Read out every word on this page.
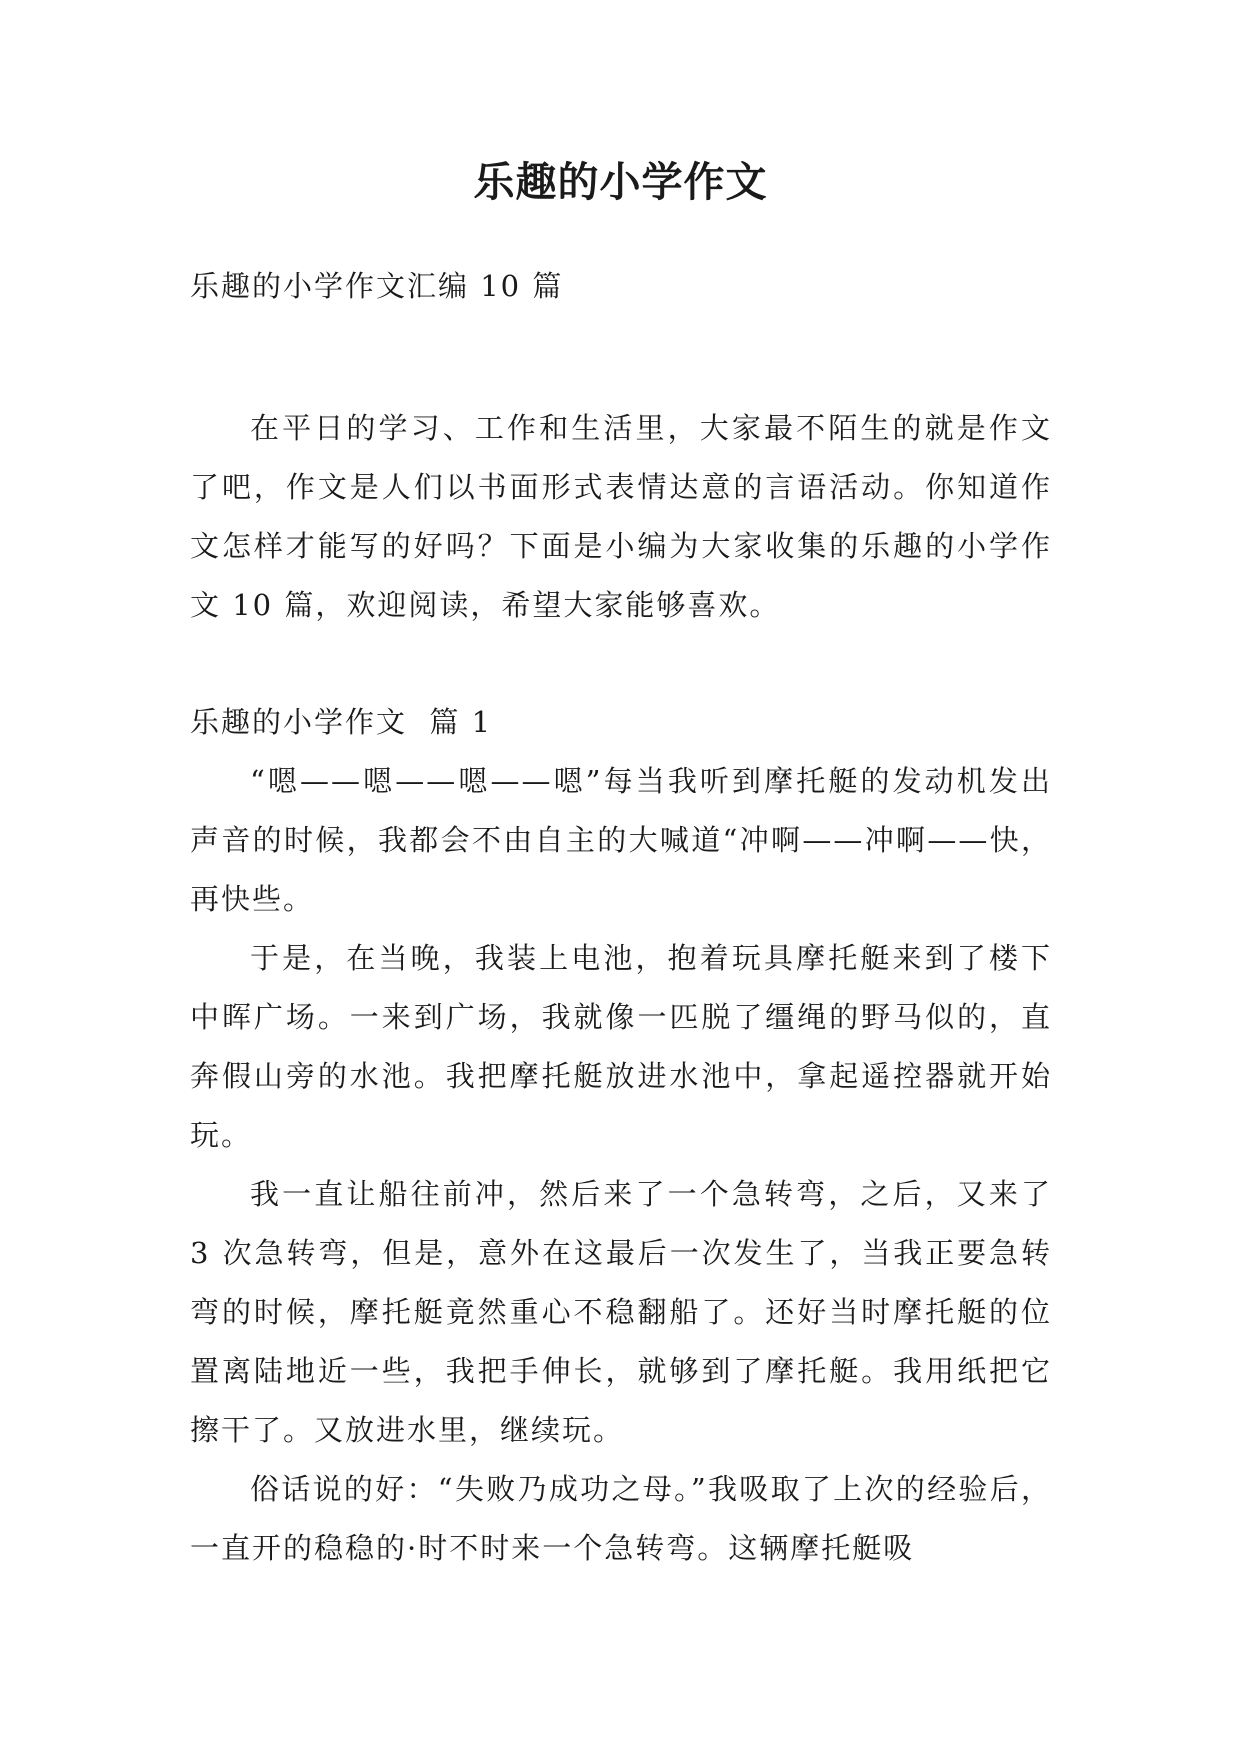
乐趣的小学作文

乐趣的小学作文汇编 10 篇

在平日的学习、工作和生活里，大家最不陌生的就是作文了吧，作文是人们以书面形式表情达意的言语活动。你知道作文怎样才能写的好吗？下面是小编为大家收集的乐趣的小学作文 10 篇，欢迎阅读，希望大家能够喜欢。

乐趣的小学作文  篇 1

“嗯——嗯——嗯——嗯”每当我听到摩托艇的发动机发出声音的时候，我都会不由自主的大喊道“冲啊——冲啊——快，再快些。

于是，在当晚，我装上电池，抱着玩具摩托艇来到了楼下中晖广场。一来到广场，我就像一匹脱了缰绳的野马似的，直奔假山旁的水池。我把摩托艇放进水池中，拿起遥控器就开始玩。

我一直让船往前冲，然后来了一个急转弯，之后，又来了 3 次急转弯，但是，意外在这最后一次发生了，当我正要急转弯的时候，摩托艇竟然重心不稳翻船了。还好当时摩托艇的位置离陆地近一些，我把手伸长，就够到了摩托艇。我用纸把它擦干了。又放进水里，继续玩。

俗话说的好：“失败乃成功之母。”我吸取了上次的经验后，一直开的稳稳的·时不时来一个急转弯。这辆摩托艇吸
